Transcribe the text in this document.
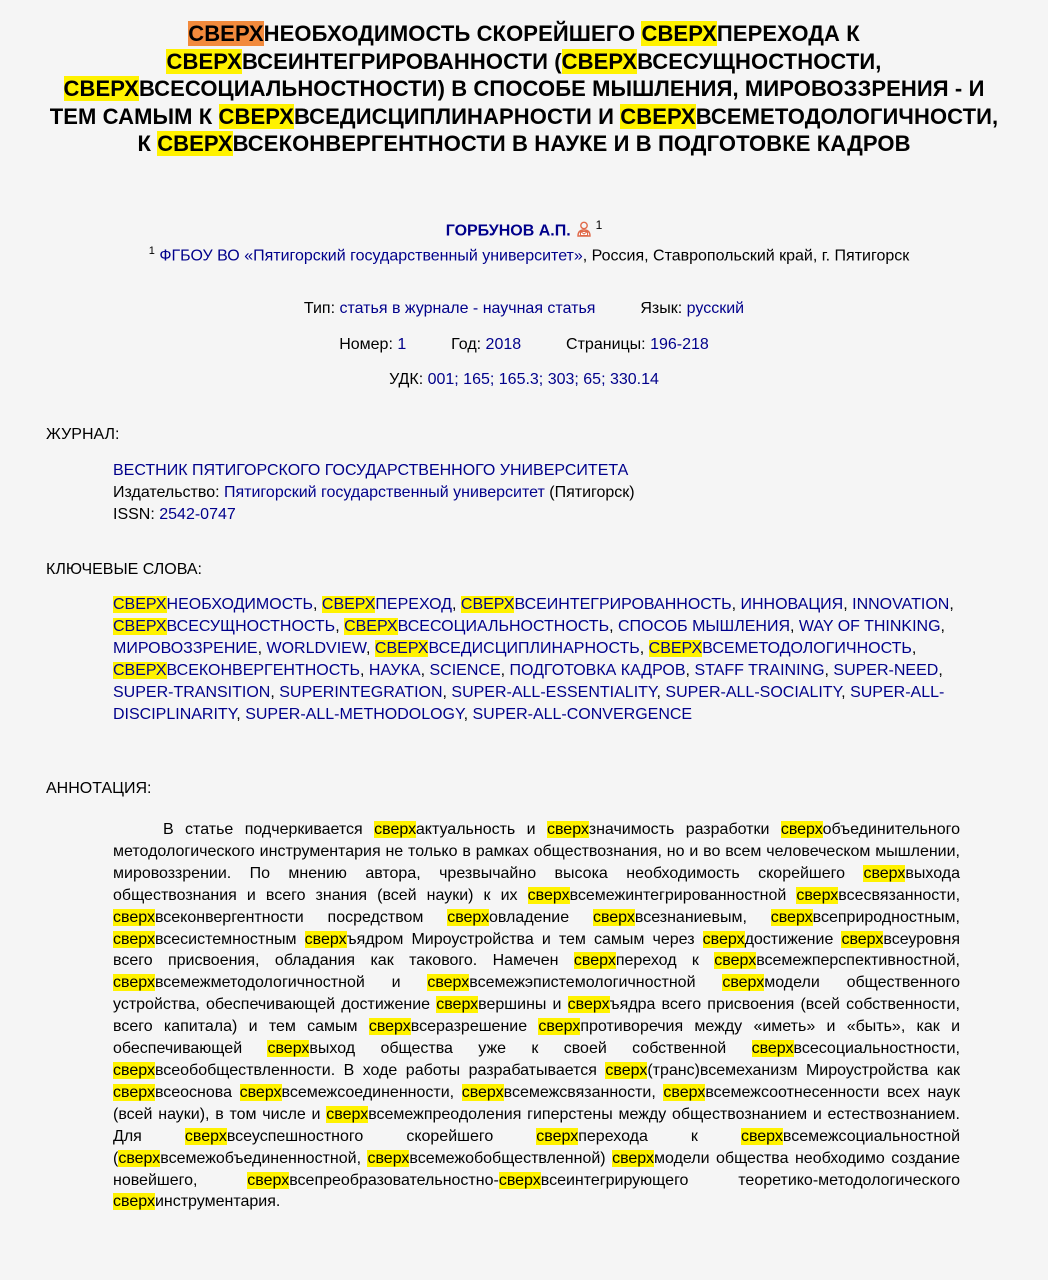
СВЕРХНЕОБХОДИМОСТЬ СКОРЕЙШЕГО СВЕРХПЕРЕХОДА К СВЕРХВСЕИНТЕГРИРОВАННОСТИ (СВЕРХВСЕСУЩНОСТНОСТИ, СВЕРХВСЕСОЦИАЛЬНОСТНОСТИ) В СПОСОБЕ МЫШЛЕНИЯ, МИРОВОЗЗРЕНИЯ - И ТЕМ САМЫМ К СВЕРХВСЕДИСЦИПЛИНАРНОСТИ И СВЕРХВСЕМЕТОДОЛОГИЧНОСТИ, К СВЕРХВСЕКОНВЕРГЕНТНОСТИ В НАУКЕ И В ПОДГОТОВКЕ КАДРОВ
ГОРБУНОВ А.П. $^1$
$^1$ ФГБОУ ВО «Пятигорский государственный университет», Россия, Ставропольский край, г. Пятигорск
Тип: статья в журнале - научная статья	Язык: русский
Номер: 1	Год: 2018	Страницы: 196-218
УДК: 001; 165; 165.3; 303; 65; 330.14
ЖУРНАЛ:
ВЕСТНИК ПЯТИГОРСКОГО ГОСУДАРСТВЕННОГО УНИВЕРСИТЕТА
Издательство: Пятигорский государственный университет (Пятигорск)
ISSN: 2542-0747
КЛЮЧЕВЫЕ СЛОВА:
СВЕРХНЕОБХОДИМОСТЬ, СВЕРХПЕРЕХОД, СВЕРХВСЕИНТЕГРИРОВАННОСТЬ, ИННОВАЦИЯ, INNOVATION, СВЕРХВСЕСУЩНОСТНОСТЬ, СВЕРХВСЕСОЦИАЛЬНОСТНОСТЬ, СПОСОБ МЫШЛЕНИЯ, WAY OF THINKING, МИРОВОЗЗРЕНИЕ, WORLDVIEW, СВЕРХВСЕДИСЦИПЛИНАРНОСТЬ, СВЕРХВСЕМЕТОДОЛОГИЧНОСТЬ, СВЕРХВСЕКОНВЕРГЕНТНОСТЬ, НАУКА, SCIENCE, ПОДГОТОВКА КАДРОВ, STAFF TRAINING, SUPER-NEED, SUPER-TRANSITION, SUPERINTEGRATION, SUPER-ALL-ESSENTIALITY, SUPER-ALL-SOCIALITY, SUPER-ALL-DISCIPLINARITY, SUPER-ALL-METHODOLOGY, SUPER-ALL-CONVERGENCE
АННОТАЦИЯ:
В статье подчеркивается сверхактуальность и сверхзначимость разработки сверхобъединительного методологического инструментария не только в рамках обществознания, но и во всем человеческом мышлении, мировоззрении. По мнению автора, чрезвычайно высока необходимость скорейшего сверхвыхода обществознания и всего знания (всей науки) к их сверхвсемежинтегрированностной сверхвсесвязанности, сверхвсеконвергентности посредством сверховладение сверхвсезнаниевым, сверхвсеприродностным, сверхвсесистемностным сверхъядром Мироустройства и тем самым через сверхдостижение сверхвсеуровня всего присвоения, обладания как такового. Намечен сверхпереход к сверхвсемежперспективностной, сверхвсемежметодологичностной и сверхвсемежэпистемологичностной сверхмодели общественного устройства, обеспечивающей достижение сверхвершины и сверхъядра всего присвоения (всей собственности, всего капитала) и тем самым сверхвсеразрешение сверхпротиворечия между «иметь» и «быть», как и обеспечивающей сверхвыход общества уже к своей собственной сверхвсесоциальностности, сверхвсеобобществленности. В ходе работы разрабатывается сверх(транс)всемеханизм Мироустройства как сверхвсеоснова сверхвсемежсоединенности, сверхвсемежсвязанности, сверхвсемежсоотнесенности всех наук (всей науки), в том числе и сверхвсемежпреодоления гиперстены между обществознанием и естествознанием. Для сверхвсеуспешностного скорейшего сверхперехода к сверхвсемежсоциальностной (сверхвсемежобъединенностной, сверхвсемежобобществленной) сверхмодели общества необходимо создание новейшего, сверхвсепреобразовательностно-сверхвсеинтегрирующего теоретико-методологического сверхинструментария.
